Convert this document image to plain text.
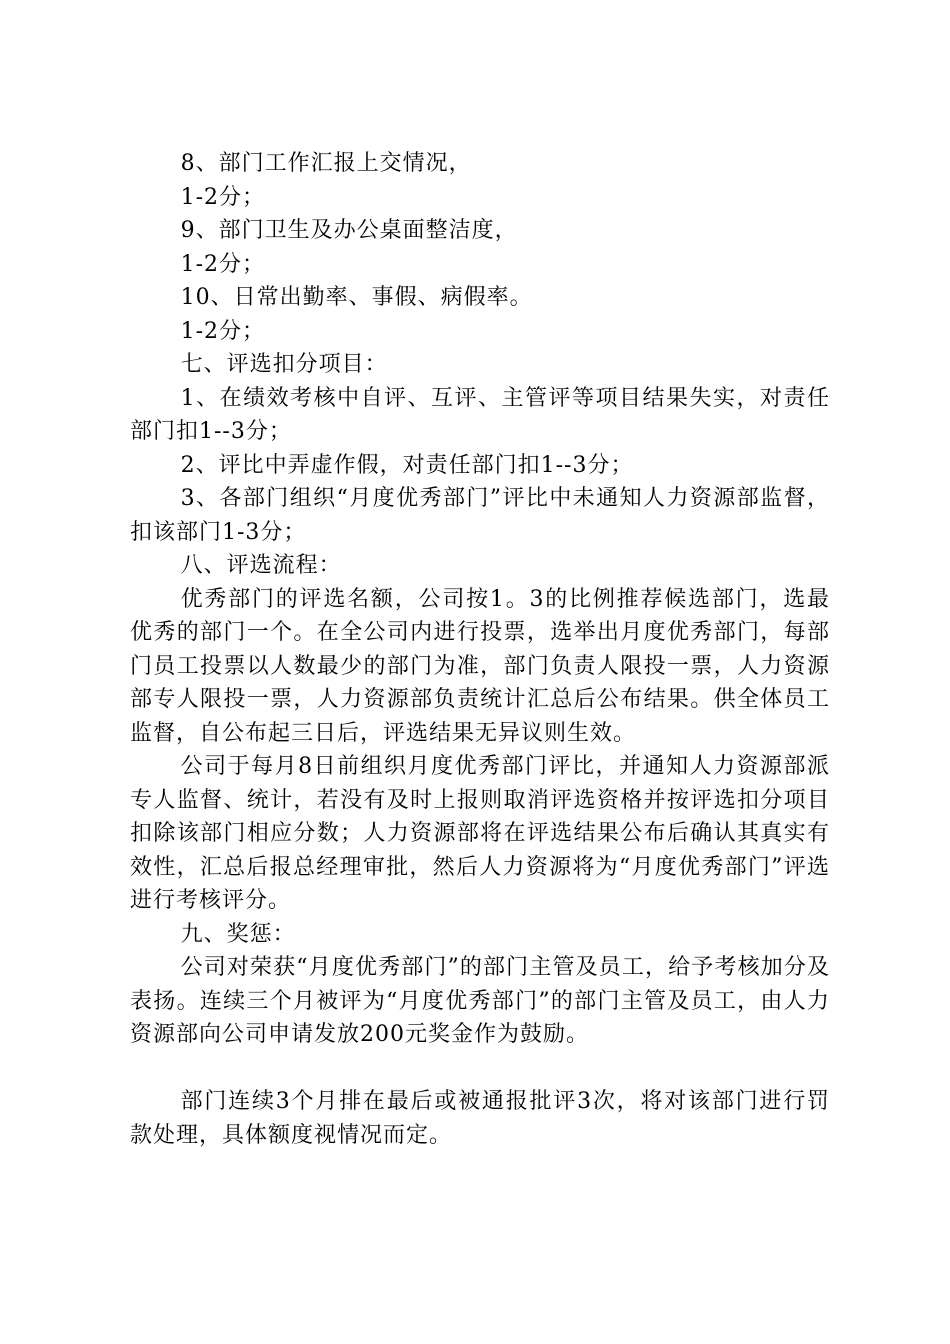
8、部门工作汇报上交情况，

1-2分；

9、部门卫生及办公桌面整洁度，

1-2分；

10、日常出勤率、事假、病假率。

1-2分；

七、评选扣分项目：

1、在绩效考核中自评、互评、主管评等项目结果失实，对责任部门扣1--3分；

2、评比中弄虚作假，对责任部门扣1--3分；

3、各部门组织“月度优秀部门”评比中未通知人力资源部监督，扣该部门1-3分；

八、评选流程：

优秀部门的评选名额，公司按1。3的比例推荐候选部门，选最优秀的部门一个。在全公司内进行投票，选举出月度优秀部门，每部门员工投票以人数最少的部门为准，部门负责人限投一票，人力资源部专人限投一票，人力资源部负责统计汇总后公布结果。供全体员工监督，自公布起三日后，评选结果无异议则生效。

公司于每月8日前组织月度优秀部门评比，并通知人力资源部派专人监督、统计，若没有及时上报则取消评选资格并按评选扣分项目扣除该部门相应分数；人力资源部将在评选结果公布后确认其真实有效性，汇总后报总经理审批，然后人力资源将为“月度优秀部门”评选进行考核评分。

九、奖惩：

公司对荣获“月度优秀部门”的部门主管及员工，给予考核加分及表扬。连续三个月被评为“月度优秀部门”的部门主管及员工，由人力资源部向公司申请发放200元奖金作为鼓励。

部门连续3个月排在最后或被通报批评3次，将对该部门进行罚款处理，具体额度视情况而定。
